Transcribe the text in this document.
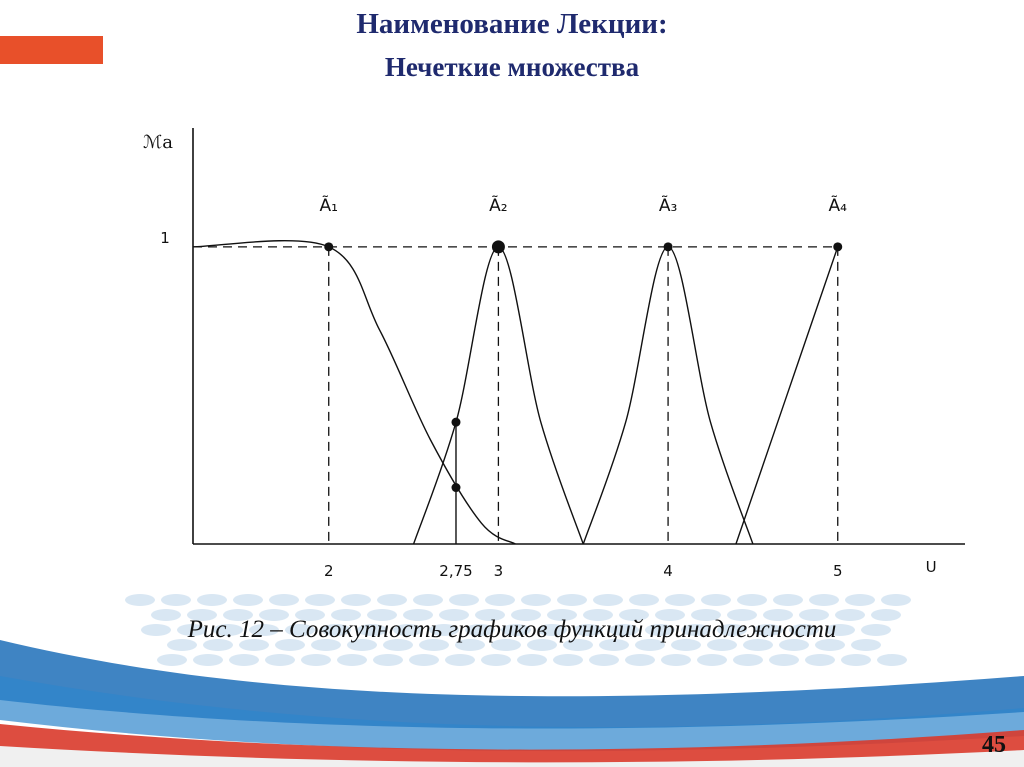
Наименование Лекции:
Нечеткие множества
Ã₁	Ã₂	Ã₃	Ã₄
2	2,75 3	4	5
1
ℳa
U
Рис. 12 – Совокупность графиков функций принадлежности
45
